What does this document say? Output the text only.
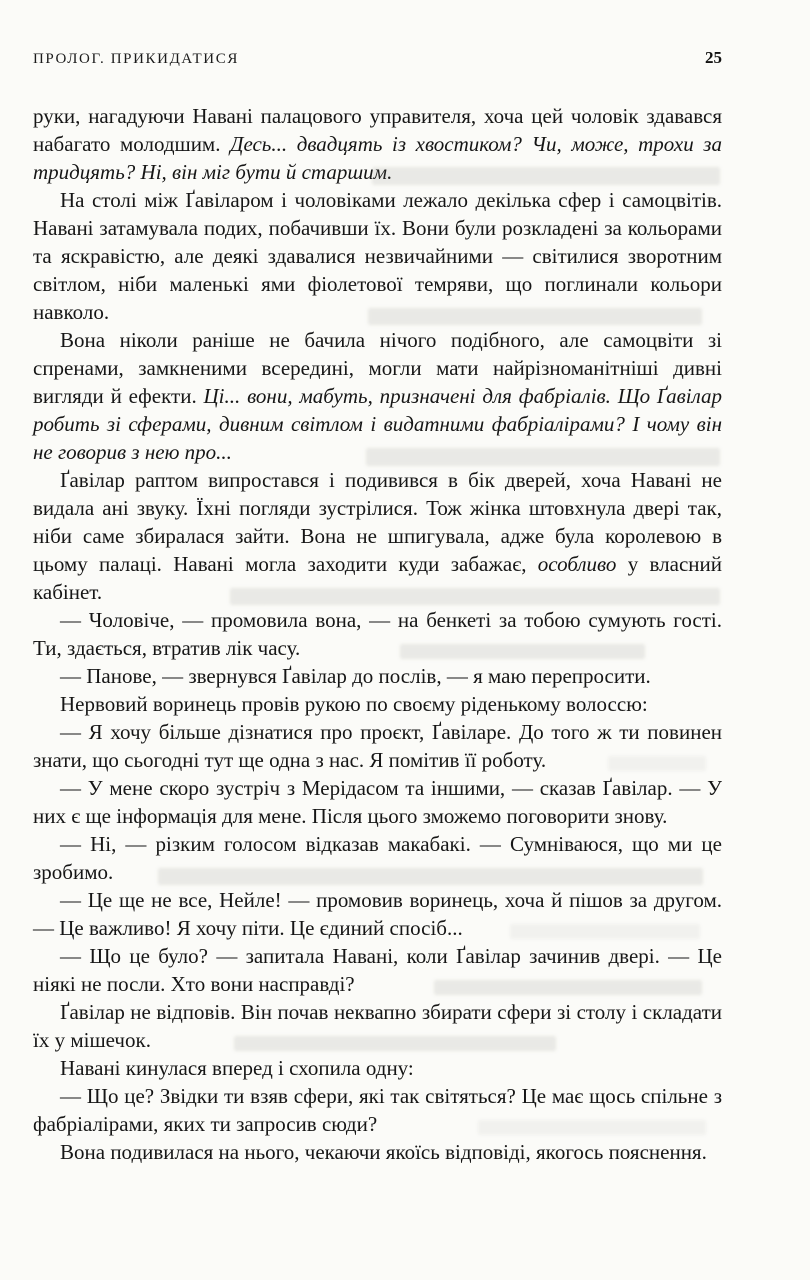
ПРОЛОГ. ПРИКИДАТИСЯ	25

руки, нагадуючи Навані палацового управителя, хоча цей чоловік здавався набагато молодшим. Десь... двадцять із хвостиком? Чи, може, трохи за тридцять? Ні, він міг бути й старшим.

На столі між Ґавіларом і чоловіками лежало декілька сфер і самоцвітів. Навані затамувала подих, побачивши їх. Вони були розкладені за кольорами та яскравістю, але деякі здавалися незвичайними — світилися зворотним світлом, ніби маленькі ями фіолетової темряви, що поглинали кольори навколо.

Вона ніколи раніше не бачила нічого подібного, але самоцвіти зі спренами, замкненими всередині, могли мати найрізноманітніші дивні вигляди й ефекти. Ці... вони, мабуть, призначені для фабріалів. Що Ґавілар робить зі сферами, дивним світлом і видатними фабріалірами? І чому він не говорив з нею про...

Ґавілар раптом випростався і подивився в бік дверей, хоча Навані не видала ані звуку. Їхні погляди зустрілися. Тож жінка штовхнула двері так, ніби саме збиралася зайти. Вона не шпигувала, адже була королевою в цьому палаці. Навані могла заходити куди забажає, особливо у власний кабінет.

— Чоловіче, — промовила вона, — на бенкеті за тобою сумують гості. Ти, здається, втратив лік часу.

— Панове, — звернувся Ґавілар до послів, — я маю перепросити.

Нервовий воринець провів рукою по своєму ріденькому волоссю:

— Я хочу більше дізнатися про проєкт, Ґавіларе. До того ж ти повинен знати, що сьогодні тут ще одна з нас. Я помітив її роботу.

— У мене скоро зустріч з Мерідасом та іншими, — сказав Ґавілар. — У них є ще інформація для мене. Після цього зможемо поговорити знову.

— Ні, — різким голосом відказав макабакі. — Сумніваюся, що ми це зробимо.

— Це ще не все, Нейле! — промовив воринець, хоча й пішов за другом. — Це важливо! Я хочу піти. Це єдиний спосіб...

— Що це було? — запитала Навані, коли Ґавілар зачинив двері. — Це ніякі не посли. Хто вони насправді?

Ґавілар не відповів. Він почав неквапно збирати сфери зі столу і складати їх у мішечок.

Навані кинулася вперед і схопила одну:

— Що це? Звідки ти взяв сфери, які так світяться? Це має щось спільне з фабріалірами, яких ти запросив сюди?

Вона подивилася на нього, чекаючи якоїсь відповіді, якогось пояснення.
